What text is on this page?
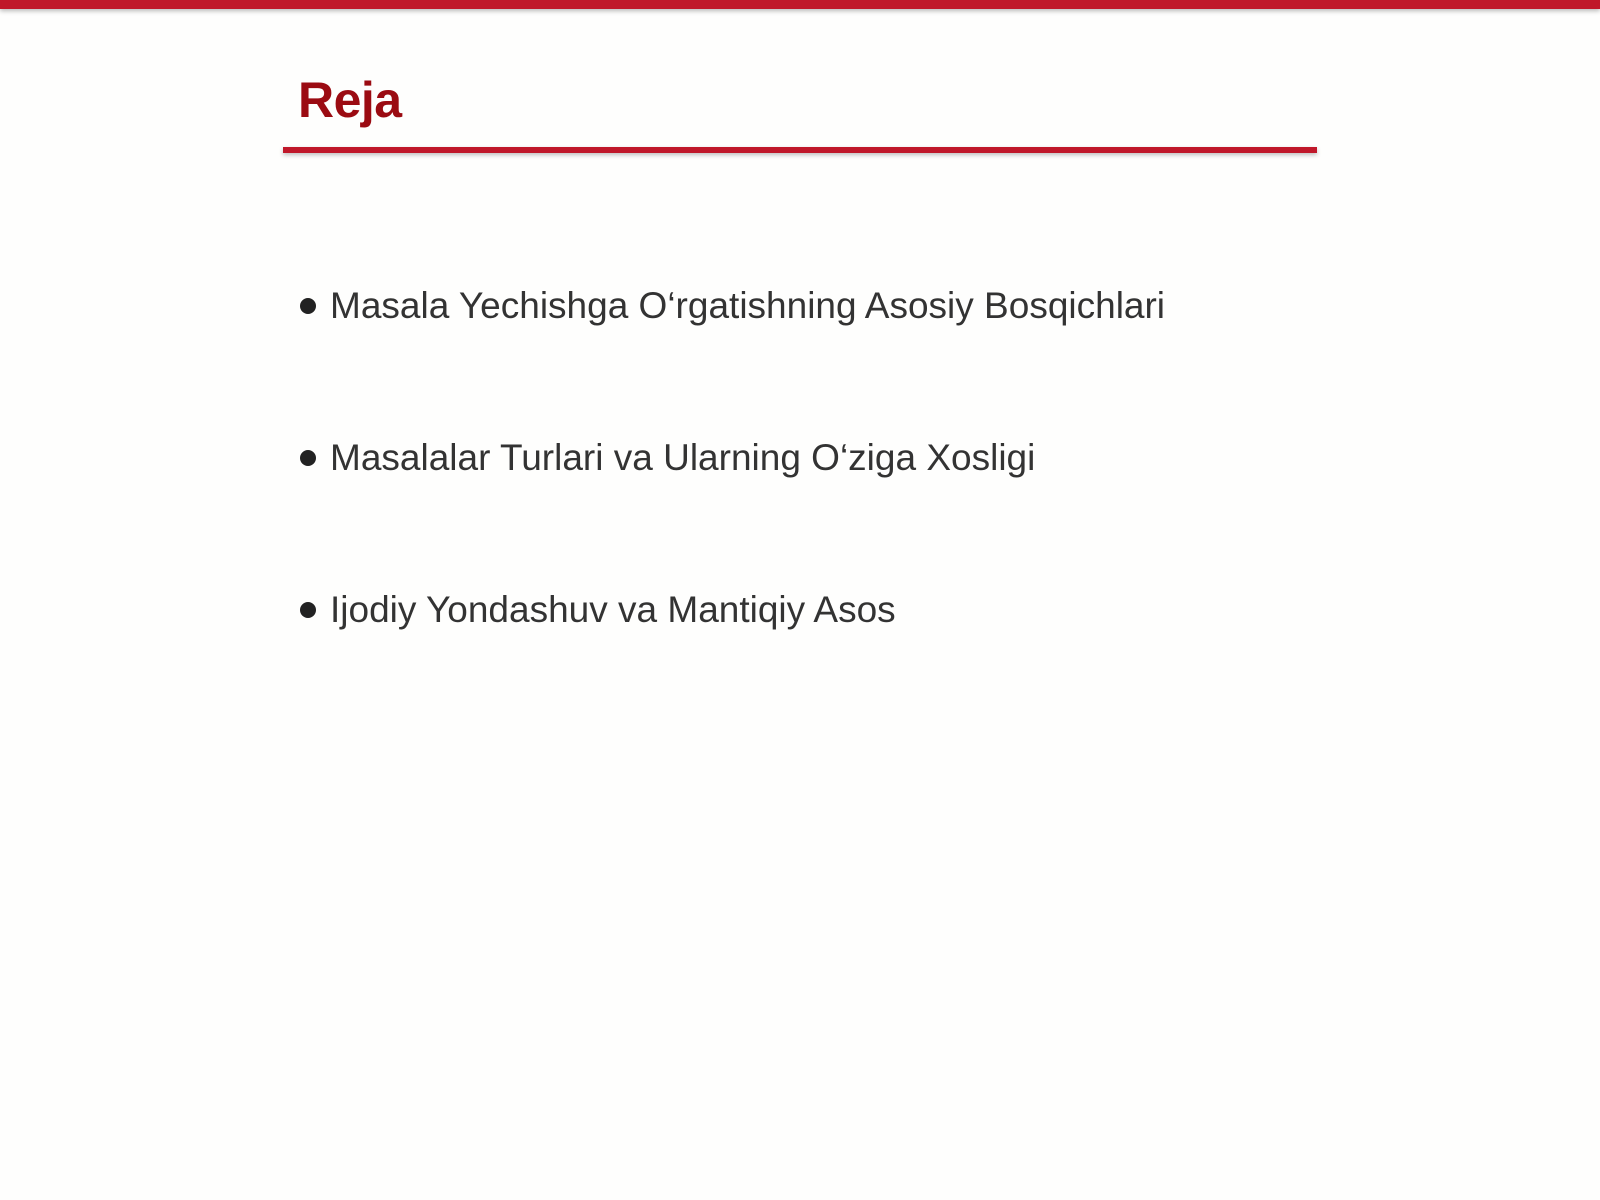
Reja
Masala Yechishga O‘rgatishning Asosiy Bosqichlari
Masalalar Turlari va Ularning O‘ziga Xosligi
Ijodiy Yondashuv va Mantiqiy Asos
